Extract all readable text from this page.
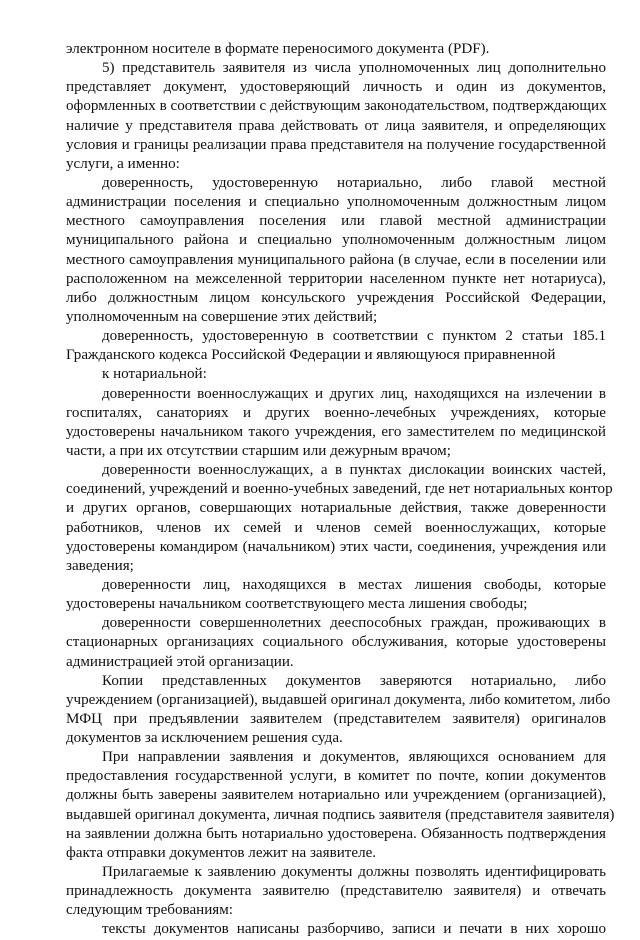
электронном носителе в формате переносимого документа (PDF).
5) представитель заявителя из числа уполномоченных лиц дополнительно
представляет документ, удостоверяющий личность и один из документов,
оформленных в соответствии с действующим законодательством, подтверждающих
наличие у представителя права действовать от лица заявителя, и определяющих
условия и границы реализации права представителя на получение государственной
услуги, а именно:
доверенность, удостоверенную нотариально, либо главой местной
администрации поселения и специально уполномоченным должностным лицом
местного самоуправления поселения или главой местной администрации
муниципального района и специально уполномоченным должностным лицом
местного самоуправления муниципального района (в случае, если в поселении или
расположенном на межселенной территории населенном пункте нет нотариуса),
либо должностным лицом консульского учреждения Российской Федерации,
уполномоченным на совершение этих действий;
доверенность, удостоверенную в соответствии с пунктом 2 статьи 185.1
Гражданского кодекса Российской Федерации и являющуюся приравненной
к нотариальной:
доверенности военнослужащих и других лиц, находящихся на излечении в
госпиталях, санаториях и других военно-лечебных учреждениях, которые
удостоверены начальником такого учреждения, его заместителем по медицинской
части, а при их отсутствии старшим или дежурным врачом;
доверенности военнослужащих, а в пунктах дислокации воинских частей,
соединений, учреждений и военно-учебных заведений, где нет нотариальных контор
и других органов, совершающих нотариальные действия, также доверенности
работников, членов их семей и членов семей военнослужащих, которые
удостоверены командиром (начальником) этих части, соединения, учреждения или
заведения;
доверенности лиц, находящихся в местах лишения свободы, которые
удостоверены начальником соответствующего места лишения свободы;
доверенности совершеннолетних дееспособных граждан, проживающих в
стационарных организациях социального обслуживания, которые удостоверены
администрацией этой организации.
Копии представленных документов заверяются нотариально, либо
учреждением (организацией), выдавшей оригинал документа, либо комитетом, либо
МФЦ при предъявлении заявителем (представителем заявителя) оригиналов
документов за исключением решения суда.
При направлении заявления и документов, являющихся основанием для
предоставления государственной услуги, в комитет по почте, копии документов
должны быть заверены заявителем нотариально или учреждением (организацией),
выдавшей оригинал документа, личная подпись заявителя (представителя заявителя)
на заявлении должна быть нотариально удостоверена. Обязанность подтверждения
факта отправки документов лежит на заявителе.
Прилагаемые к заявлению документы должны позволять идентифицировать
принадлежность документа заявителю (представителю заявителя) и отвечать
следующим требованиям:
тексты документов написаны разборчиво, записи и печати в них хорошо
